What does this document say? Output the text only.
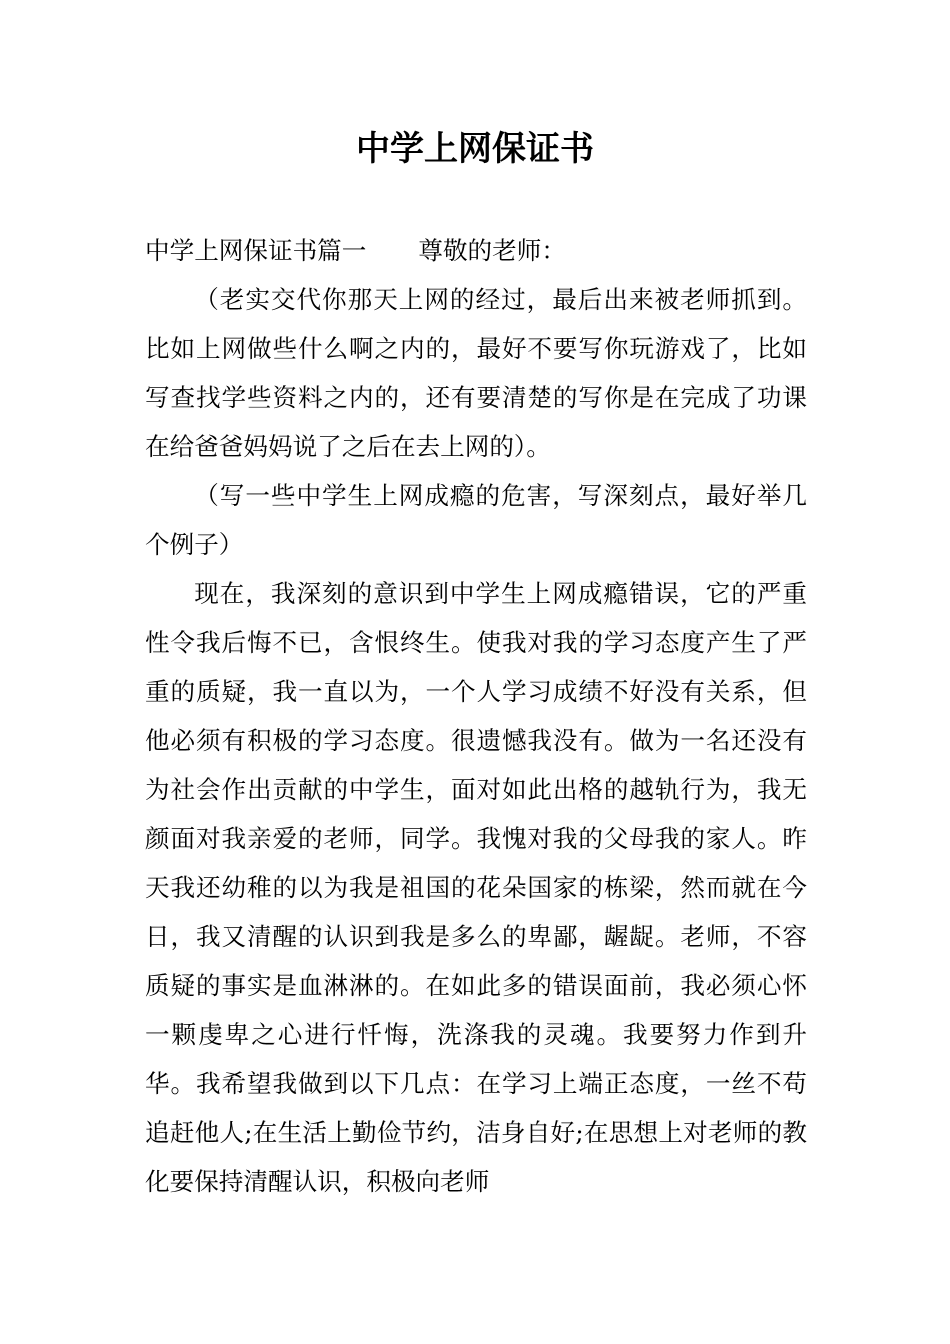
中学上网保证书

中学上网保证书篇一 尊敬的老师：

（老实交代你那天上网的经过，最后出来被老师抓到。比如上网做些什么啊之内的，最好不要写你玩游戏了，比如写查找学些资料之内的，还有要清楚的写你是在完成了功课在给爸爸妈妈说了之后在去上网的）。

（写一些中学生上网成瘾的危害，写深刻点，最好举几个例子）

现在，我深刻的意识到中学生上网成瘾错误，它的严重性令我后悔不已，含恨终生。使我对我的学习态度产生了严重的质疑，我一直以为，一个人学习成绩不好没有关系，但他必须有积极的学习态度。很遗憾我没有。做为一名还没有为社会作出贡献的中学生，面对如此出格的越轨行为，我无颜面对我亲爱的老师，同学。我愧对我的父母我的家人。昨天我还幼稚的以为我是祖国的花朵国家的栋梁，然而就在今日，我又清醒的认识到我是多么的卑鄙，龌龊。老师，不容质疑的事实是血淋淋的。在如此多的错误面前，我必须心怀一颗虔卑之心进行忏悔，洗涤我的灵魂。我要努力作到升华。我希望我做到以下几点：在学习上端正态度，一丝不苟追赶他人;在生活上勤俭节约，洁身自好;在思想上对老师的教化要保持清醒认识，积极向老师
